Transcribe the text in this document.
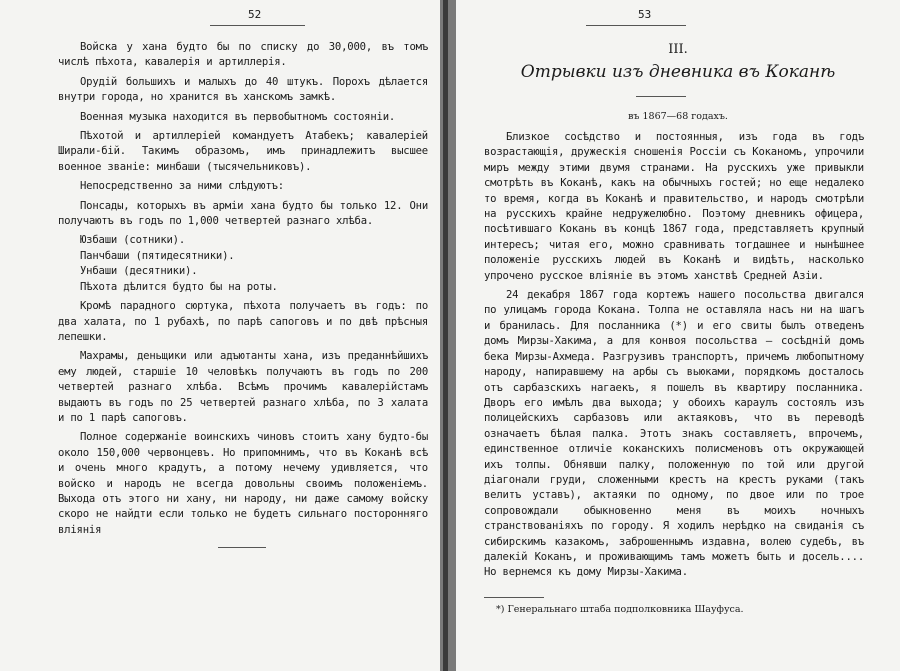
52

Войска у хана будто бы по списку до 30,000, въ томъ числѣ пѣхота, кавалерія и артиллерія.

Орудій большихъ и малыхъ до 40 штукъ. Порохъ дѣлается внутри города, но хранится въ ханскомъ замкѣ.

Военная музыка находится въ первобытномъ состояніи.

Пѣхотой и артиллеріей командуетъ Атабекъ; кавалеріей Ширали-бій. Такимъ образомъ, имъ принадлежитъ высшее военное званіе: минбаши (тысячельниковъ).

Непосредственно за ними слѣдуютъ:

Понсады, которыхъ въ арміи хана будто бы только 12. Они получаютъ въ годъ по 1,000 четвертей разнаго хлѣба.

Юзбаши (сотники).

Панчбаши (пятидесятники).

Унбаши (десятники).

Пѣхота дѣлится будто бы на роты.

Кромѣ парадного сюртука, пѣхота получаетъ въ годъ: по два халата, по 1 рубахѣ, по парѣ сапоговъ и по двѣ прѣсныя лепешки.

Махрамы, деньщики или адъютанты хана, изъ преданнѣйшихъ ему людей, старшіе 10 человѣкъ получаютъ въ годъ по 200 четвертей разнаго хлѣба. Всѣмъ прочимъ кавалерійстамъ выдаютъ въ годъ по 25 четвертей разнаго хлѣба, по 3 халата и по 1 парѣ сапоговъ.

Полное содержаніе воинскихъ чиновъ стоитъ хану будто-бы около 150,000 червонцевъ. Но припомнимъ, что въ Коканѣ всѣ и очень много крадутъ, а потому нечему удивляется, что войско и народъ не всегда довольны своимъ положеніемъ. Выхода отъ этого ни хану, ни народу, ни даже самому войску скоро не найдти если только не будетъ сильнаго посторонняго вліянія

53
III.
Отрывки изъ дневника въ Коканѣ
въ 1867—68 годахъ.

Близкое сосѣдство и постоянныя, изъ года въ годъ возрастающія, дружескія сношенія Россіи съ Коканомъ, упрочили миръ между этими двумя странами. На русскихъ уже привыкли смотрѣть въ Коканѣ, какъ на обычныхъ гостей; но еще недалеко то время, когда въ Коканѣ и правительство, и народъ смотрѣли на русскихъ крайне недружелюбно. Поэтому дневникъ офицера, посѣтившаго Кокань въ концѣ 1867 года, представляетъ крупный интересъ; читая его, можно сравнивать тогдашнее и нынѣшнее положеніе русскихъ людей въ Коканѣ и видѣть, насколько упрочено русское вліяніе въ этомъ ханствѣ Средней Азіи.

24 декабря 1867 года кортежъ нашего посольства двигался по улицамъ города Кокана. Толпа не оставляла насъ ни на шагъ и бранилась. Для посланника (*) и его свиты былъ отведенъ домъ Мирзы-Хакима, а для конвоя посольства — сосѣдній домъ бека Мирзы-Ахмеда. Разгрузивъ транспортъ, причемъ любопытному народу, напиравшему на арбы съ вьюками, порядкомъ досталось отъ сарбазскихъ нагаекъ, я пошелъ въ квартиру посланника. Дворъ его имѣлъ два выхода; у обоихъ караулъ состоялъ изъ полицейскихъ сарбазовъ или актаяковъ, что въ переводѣ означаетъ бѣлая палка. Этотъ знакъ составляетъ, впрочемъ, единственное отличіе коканскихъ полисменовъ отъ окружающей ихъ толпы. Обнявши палку, положенную по той или другой діагонали груди, сложенными крестъ на крестъ руками (такъ велитъ уставъ), актаяки по одному, по двое или по трое сопровождали обыкновенно меня въ моихъ ночныхъ странствованіяхъ по городу. Я ходилъ нерѣдко на свиданія съ сибирскимъ казакомъ, заброшеннымъ издавна, волею судебъ, въ далекій Коканъ, и проживающимъ тамъ можетъ быть и досель.... Но вернемся къ дому Мирзы-Хакима.

*) Генеральнаго штаба подполковника Шауфуса.
